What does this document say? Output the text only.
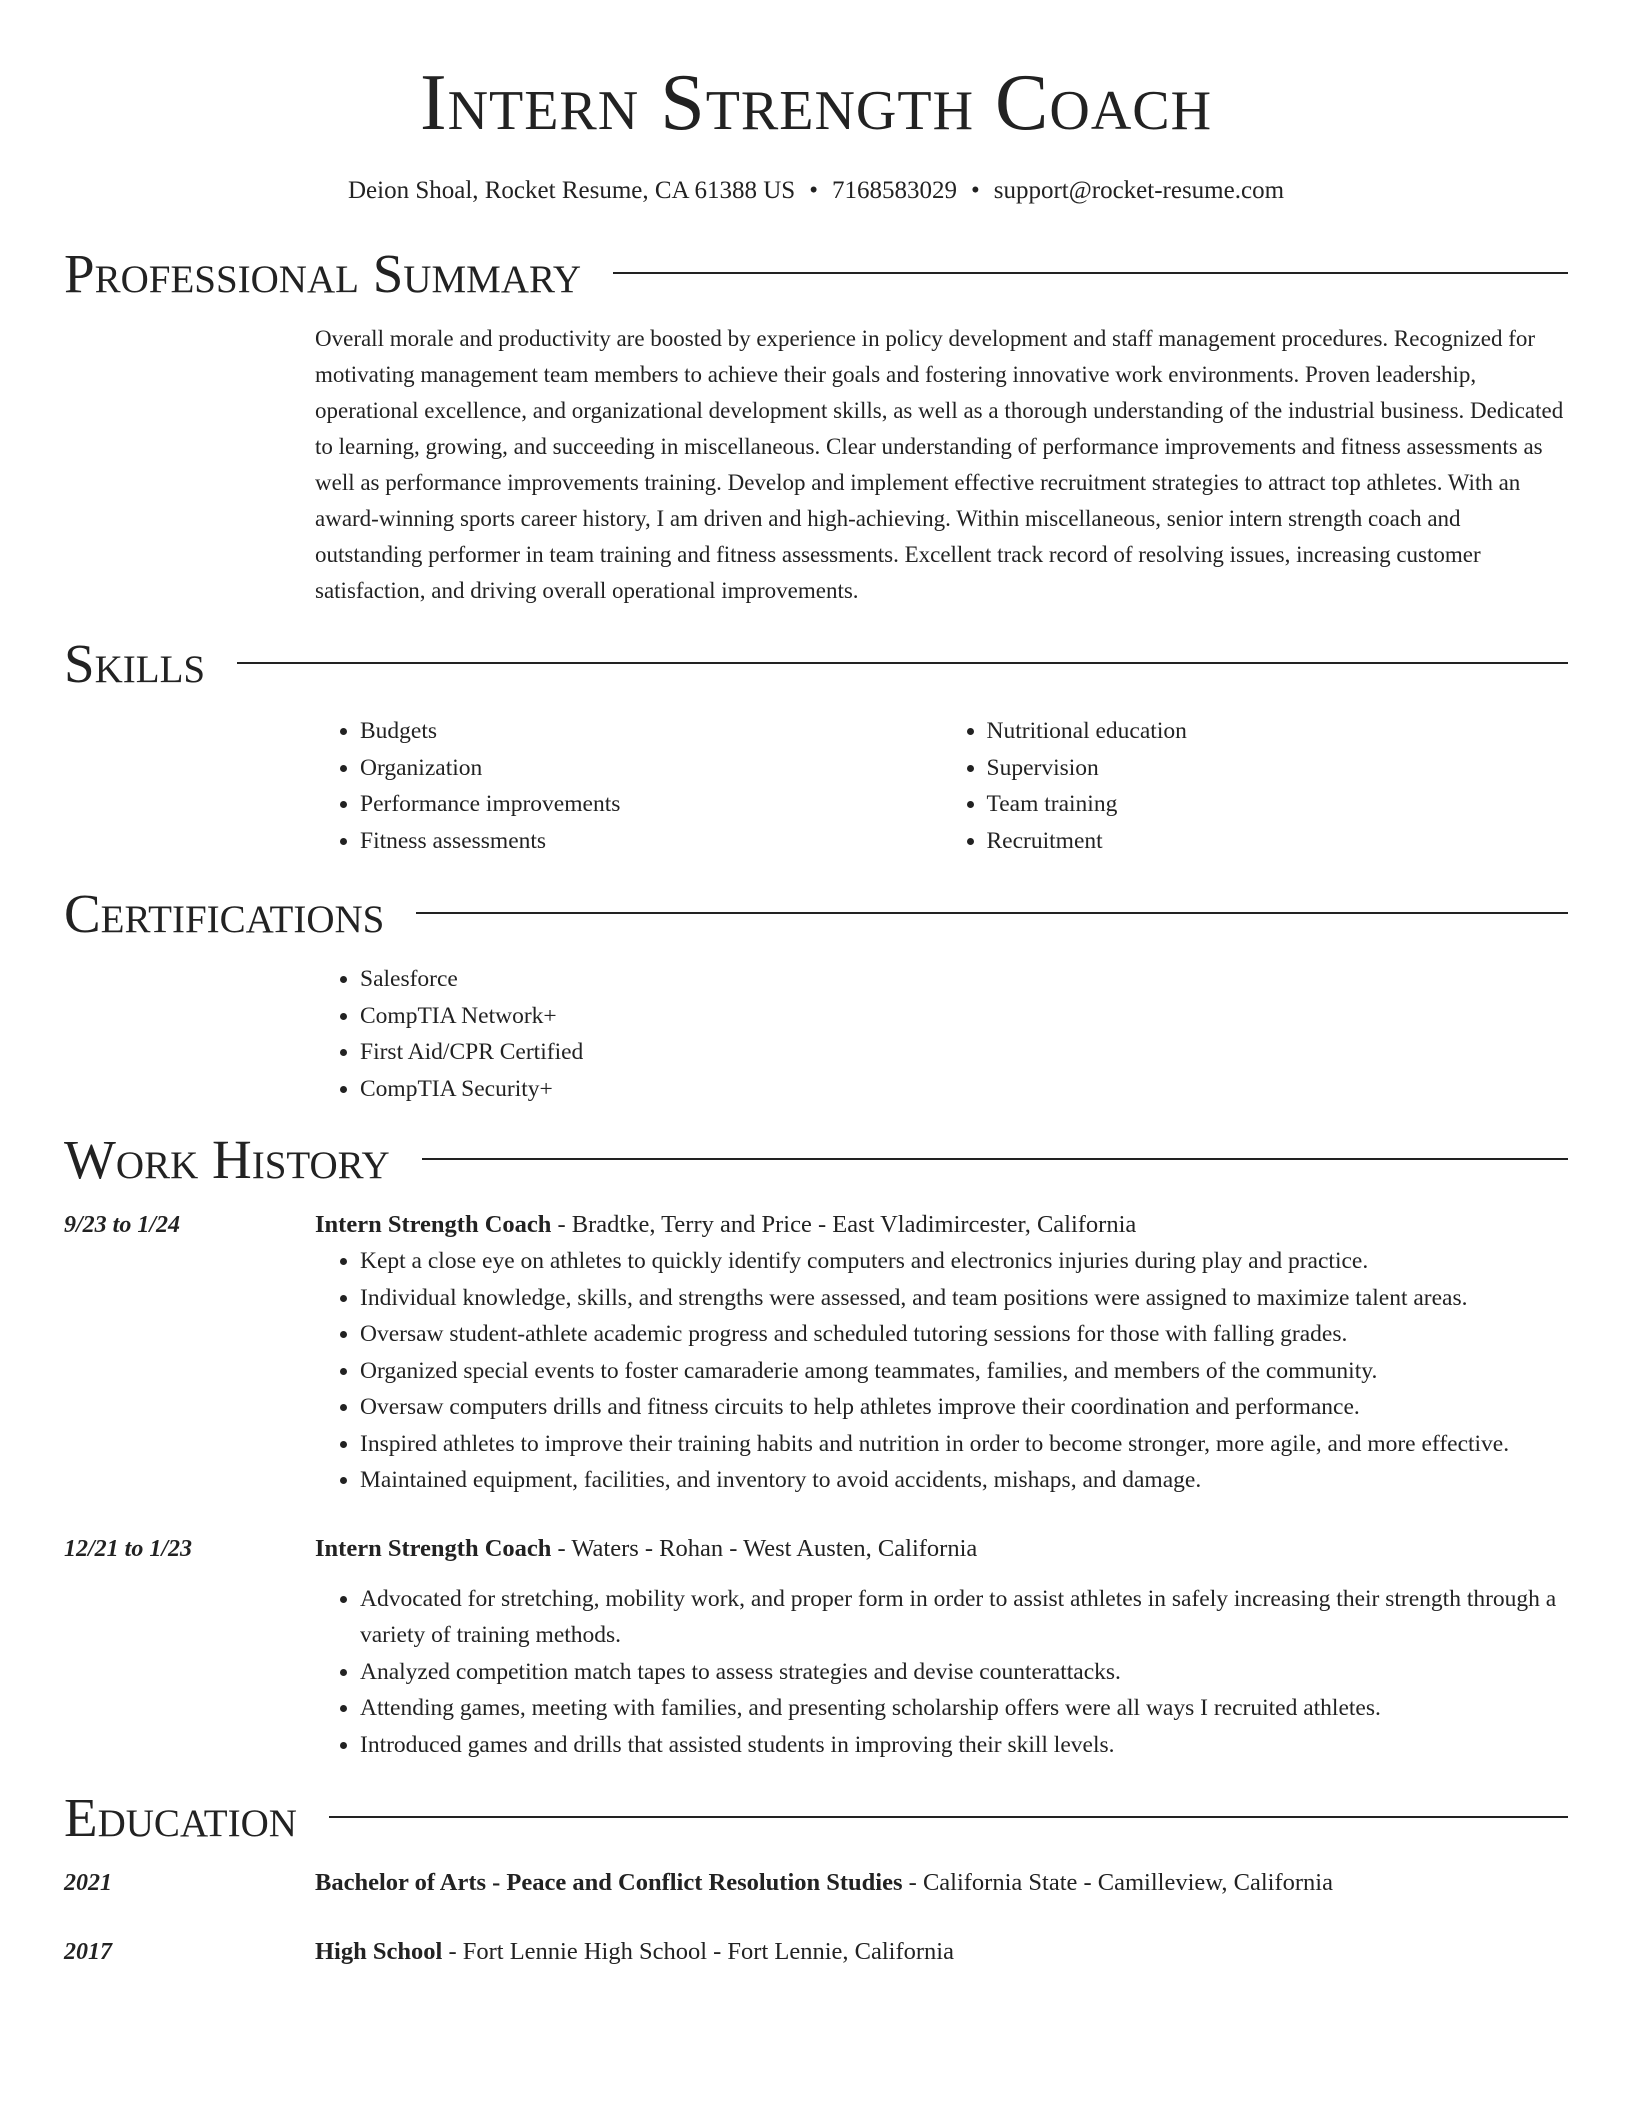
Intern Strength Coach
Deion Shoal, Rocket Resume, CA 61388 US • 7168583029 • support@rocket-resume.com
Professional Summary
Overall morale and productivity are boosted by experience in policy development and staff management procedures. Recognized for motivating management team members to achieve their goals and fostering innovative work environments. Proven leadership, operational excellence, and organizational development skills, as well as a thorough understanding of the industrial business. Dedicated to learning, growing, and succeeding in miscellaneous. Clear understanding of performance improvements and fitness assessments as well as performance improvements training. Develop and implement effective recruitment strategies to attract top athletes. With an award-winning sports career history, I am driven and high-achieving. Within miscellaneous, senior intern strength coach and outstanding performer in team training and fitness assessments. Excellent track record of resolving issues, increasing customer satisfaction, and driving overall operational improvements.
Skills
• Budgets
• Organization
• Performance improvements
• Fitness assessments
• Nutritional education
• Supervision
• Team training
• Recruitment
Certifications
• Salesforce
• CompTIA Network+
• First Aid/CPR Certified
• CompTIA Security+
Work History
9/23 to 1/24	Intern Strength Coach - Bradtke, Terry and Price - East Vladimircester, California
• Kept a close eye on athletes to quickly identify computers and electronics injuries during play and practice.
• Individual knowledge, skills, and strengths were assessed, and team positions were assigned to maximize talent areas.
• Oversaw student-athlete academic progress and scheduled tutoring sessions for those with falling grades.
• Organized special events to foster camaraderie among teammates, families, and members of the community.
• Oversaw computers drills and fitness circuits to help athletes improve their coordination and performance.
• Inspired athletes to improve their training habits and nutrition in order to become stronger, more agile, and more effective.
• Maintained equipment, facilities, and inventory to avoid accidents, mishaps, and damage.
12/21 to 1/23	Intern Strength Coach - Waters - Rohan - West Austen, California
• Advocated for stretching, mobility work, and proper form in order to assist athletes in safely increasing their strength through a variety of training methods.
• Analyzed competition match tapes to assess strategies and devise counterattacks.
• Attending games, meeting with families, and presenting scholarship offers were all ways I recruited athletes.
• Introduced games and drills that assisted students in improving their skill levels.
Education
2021	Bachelor of Arts - Peace and Conflict Resolution Studies - California State - Camilleview, California
2017	High School - Fort Lennie High School - Fort Lennie, California
